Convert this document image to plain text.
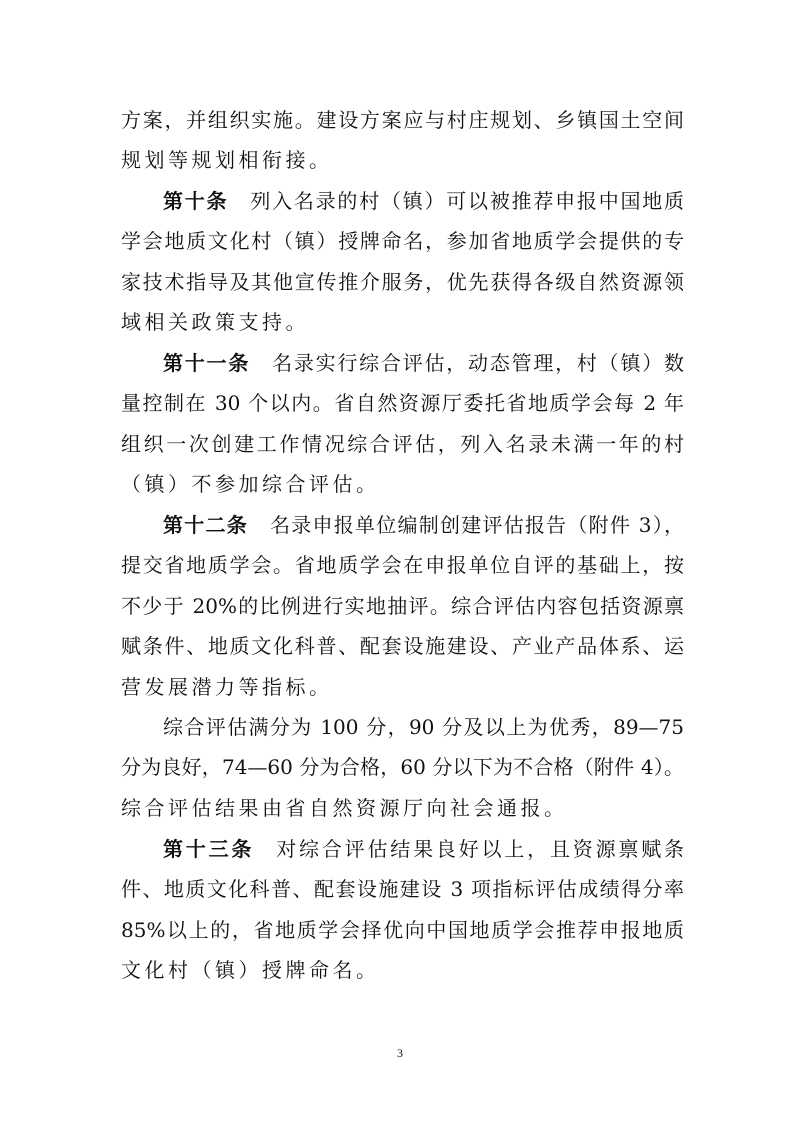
3
方案，并组织实施。建设方案应与村庄规划、乡镇国土空间
规划等规划相衔接。
第十条 列入名录的村（镇）可以被推荐申报中国地质
学会地质文化村（镇）授牌命名，参加省地质学会提供的专
家技术指导及其他宣传推介服务，优先获得各级自然资源领
域相关政策支持。
第十一条 名录实行综合评估，动态管理，村（镇）数
量控制在 30 个以内。省自然资源厅委托省地质学会每 2 年
组织一次创建工作情况综合评估，列入名录未满一年的村
（镇）不参加综合评估。
第十二条 名录申报单位编制创建评估报告（附件 3），
提交省地质学会。省地质学会在申报单位自评的基础上，按
不少于 20%的比例进行实地抽评。综合评估内容包括资源禀
赋条件、地质文化科普、配套设施建设、产业产品体系、运
营发展潜力等指标。
综合评估满分为 100 分，90 分及以上为优秀，89—75
分为良好，74—60 分为合格，60 分以下为不合格（附件 4）。
综合评估结果由省自然资源厅向社会通报。
第十三条 对综合评估结果良好以上，且资源禀赋条
件、地质文化科普、配套设施建设 3 项指标评估成绩得分率
85%以上的，省地质学会择优向中国地质学会推荐申报地质
文化村（镇）授牌命名。
